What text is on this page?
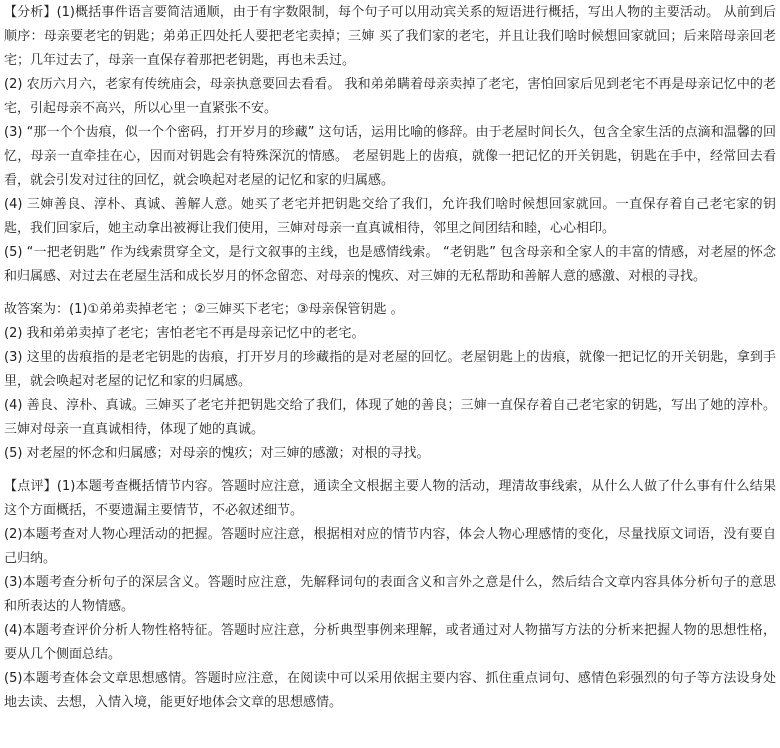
【分析】(1)概括事件语言要简洁通顺，由于有字数限制，每个句子可以用动宾关系的短语进行概括，写出人物的主要活动。 从前到后顺序：母亲要老宅的钥匙；弟弟正四处托人要把老宅卖掉；三婶 买了我们家的老宅，并且让我们啥时候想回家就回；后来陪母亲回老宅；几年过去了，母亲一直保存着那把老钥匙，再也未丢过。

(2) 农历六月六，老家有传统庙会，母亲执意要回去看看。 我和弟弟瞒着母亲卖掉了老宅，害怕回家后见到老宅不再是母亲记忆中的老宅，引起母亲不高兴，所以心里一直紧张不安。

(3) “那一个个齿痕，似一个个密码，打开岁月的珍藏” 这句话，运用比喻的修辞。由于老屋时间长久，包含全家生活的点滴和温馨的回忆，母亲一直牵挂在心，因而对钥匙会有特殊深沉的情感。 老屋钥匙上的齿痕，就像一把记忆的开关钥匙，钥匙在手中，经常回去看看，就会引发对过往的回忆，就会唤起对老屋的记忆和家的归属感。

(4) 三婶善良、淳朴、真诚、善解人意。她买了老宅并把钥匙交给了我们，允许我们啥时候想回家就回。一直保存着自己老宅家的钥匙，我们回家后，她主动拿出被褥让我们使用，三婶对母亲一直真诚相待，邻里之间团结和睦，心心相印。

(5) “一把老钥匙” 作为线索贯穿全文，是行文叙事的主线，也是感情线索。 “老钥匙” 包含母亲和全家人的丰富的情感，对老屋的怀念和归属感、对过去在老屋生活和成长岁月的怀念留恋、对母亲的愧疚、对三婶的无私帮助和善解人意的感激、对根的寻找。

故答案为：(1)①弟弟卖掉老宅 ；②三婶买下老宅；③母亲保管钥匙 。

(2) 我和弟弟卖掉了老宅；害怕老宅不再是母亲记忆中的老宅。

(3) 这里的齿痕指的是老宅钥匙的齿痕，打开岁月的珍藏指的是对老屋的回忆。老屋钥匙上的齿痕，就像一把记忆的开关钥匙，拿到手里，就会唤起对老屋的记忆和家的归属感。

(4) 善良、淳朴、真诚。三婶买了老宅并把钥匙交给了我们，体现了她的善良；三婶一直保存着自己老宅家的钥匙，写出了她的淳朴。三婶对母亲一直真诚相待，体现了她的真诚。

(5) 对老屋的怀念和归属感；对母亲的愧疚；对三婶的感激；对根的寻找。

【点评】(1)本题考查概括情节内容。答题时应注意，通读全文根据主要人物的活动，理清故事线索，从什么人做了什么事有什么结果这个方面概括，不要遗漏主要情节，不必叙述细节。

(2)本题考查对人物心理活动的把握。答题时应注意，根据相对应的情节内容，体会人物心理感情的变化，尽量找原文词语，没有要自己归纳。

(3)本题考查分析句子的深层含义。答题时应注意，先解释词句的表面含义和言外之意是什么，然后结合文章内容具体分析句子的意思和所表达的人物情感。

(4)本题考查评价分析人物性格特征。答题时应注意，分析典型事例来理解，或者通过对人物描写方法的分析来把握人物的思想性格，要从几个侧面总结。

(5)本题考查体会文章思想感情。答题时应注意，在阅读中可以采用依据主要内容、抓住重点词句、感情色彩强烈的句子等方法设身处地去读、去想，入情入境，能更好地体会文章的思想感情。
